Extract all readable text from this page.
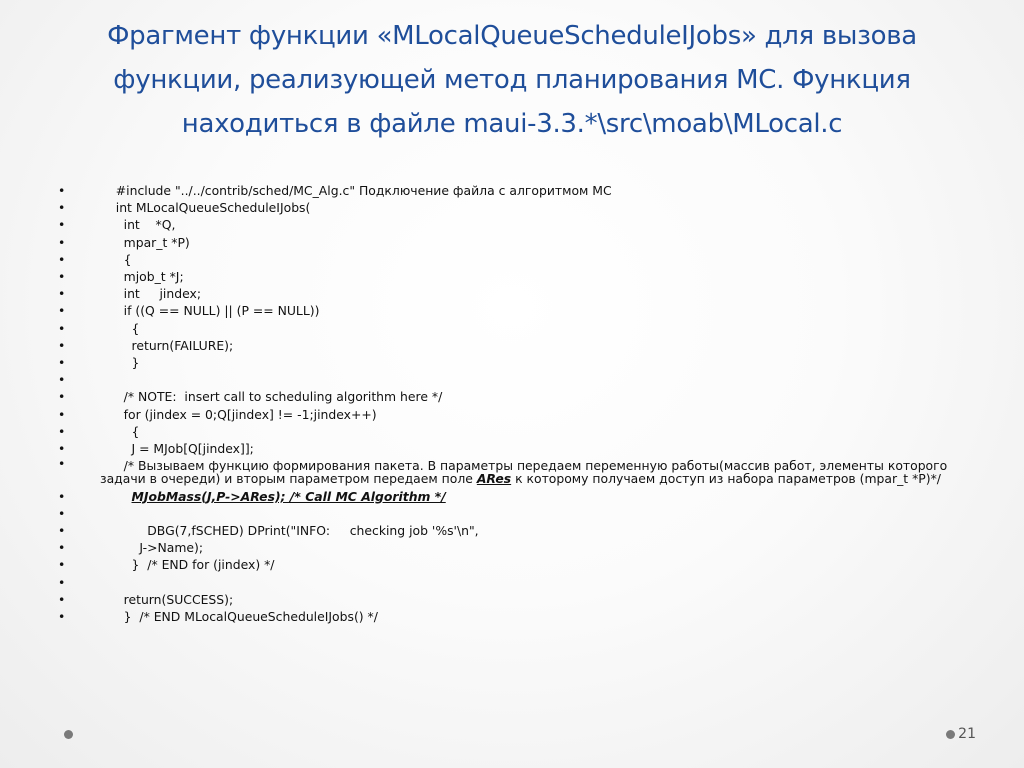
Фрагмент функции «MLocalQueueScheduleIJobs» для вызова функции, реализующей метод планирования МС. Функция находиться в файле maui-3.3.*\src\moab\MLocal.c
•     #include "../../contrib/sched/MC_Alg.c" Подключение файла с алгоритмом МС
•     int MLocalQueueScheduleIJobs(
•       int    *Q,
•       mpar_t *P)
•       {
•       mjob_t *J;
•       int     jindex;
•       if ((Q == NULL) || (P == NULL))
•         {
•         return(FAILURE);
•         }
•
•       /* NOTE:  insert call to scheduling algorithm here */
•       for (jindex = 0;Q[jindex] != -1;jindex++)
•         {
•         J = MJob[Q[jindex]];
•       /* Вызываем функцию формирования пакета. В параметры передаем переменную работы(массив работ, элементы которого задачи в очереди) и вторым параметром передаем поле ARes к которому получаем доступ из набора параметров (mpar_t *P)*/
• MJobMass(J,P->ARes); /* Call MC Algorithm */
•
•             DBG(7,fSCHED) DPrint("INFO:     checking job '%s'\n",
•           J->Name);
•         }  /* END for (jindex) */
•
•       return(SUCCESS);
•       }  /* END MLocalQueueScheduleIJobs() */
21
